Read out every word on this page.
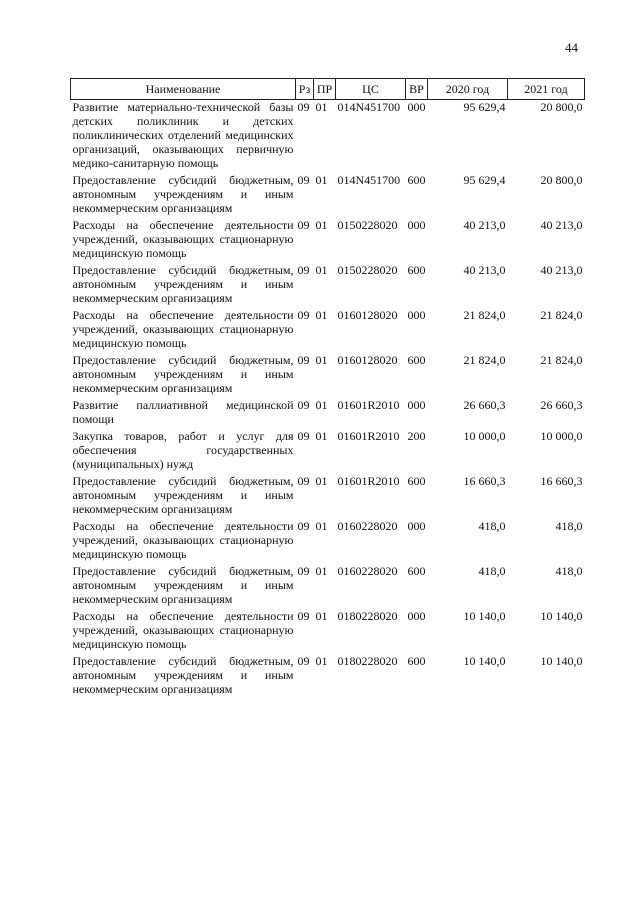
44
Наименование	Рз	ПР	ЦС	ВР	2020 год	2021 год
Развитие материально-технической базы детских поликлиник и детских поликлинических отделений медицинских организаций, оказывающих первичную медико-санитарную помощь	09	01	014N451700	000	95 629,4	20 800,0
Предоставление субсидий бюджетным, автономным учреждениям и иным некоммерческим организациям	09	01	014N451700	600	95 629,4	20 800,0
Расходы на обеспечение деятельности учреждений, оказывающих стационарную медицинскую помощь	09	01	0150228020	000	40 213,0	40 213,0
Предоставление субсидий бюджетным, автономным учреждениям и иным некоммерческим организациям	09	01	0150228020	600	40 213,0	40 213,0
Расходы на обеспечение деятельности учреждений, оказывающих стационарную медицинскую помощь	09	01	0160128020	000	21 824,0	21 824,0
Предоставление субсидий бюджетным, автономным учреждениям и иным некоммерческим организациям	09	01	0160128020	600	21 824,0	21 824,0
Развитие паллиативной медицинской помощи	09	01	01601R2010	000	26 660,3	26 660,3
Закупка товаров, работ и услуг для обеспечения государственных (муниципальных) нужд	09	01	01601R2010	200	10 000,0	10 000,0
Предоставление субсидий бюджетным, автономным учреждениям и иным некоммерческим организациям	09	01	01601R2010	600	16 660,3	16 660,3
Расходы на обеспечение деятельности учреждений, оказывающих стационарную медицинскую помощь	09	01	0160228020	000	418,0	418,0
Предоставление субсидий бюджетным, автономным учреждениям и иным некоммерческим организациям	09	01	0160228020	600	418,0	418,0
Расходы на обеспечение деятельности учреждений, оказывающих стационарную медицинскую помощь	09	01	0180228020	000	10 140,0	10 140,0
Предоставление субсидий бюджетным, автономным учреждениям и иным некоммерческим организациям	09	01	0180228020	600	10 140,0	10 140,0
